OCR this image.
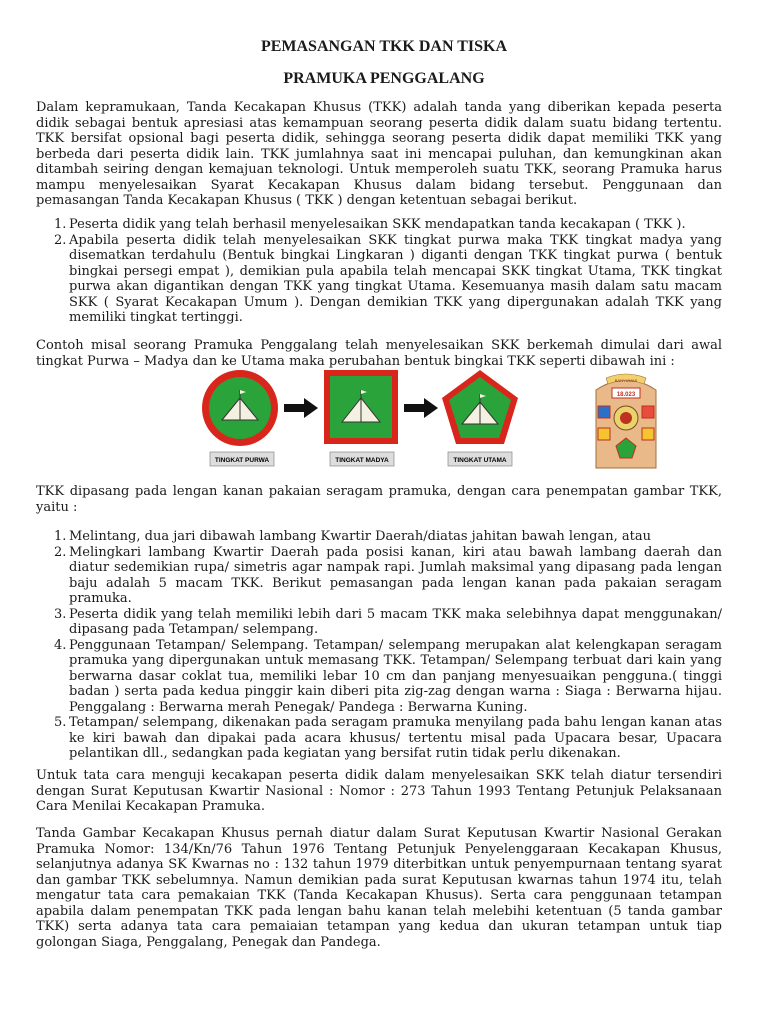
PEMASANGAN TKK DAN TISKA
PRAMUKA PENGGALANG

Dalam kepramukaan, Tanda Kecakapan Khusus (TKK) adalah tanda yang diberikan kepada peserta didik sebagai bentuk apresiasi atas kemampuan seorang peserta didik dalam suatu bidang tertentu. TKK bersifat opsional bagi peserta didik, sehingga seorang peserta didik dapat memiliki TKK yang berbeda dari peserta didik lain. TKK jumlahnya saat ini mencapai puluhan, dan kemungkinan akan ditambah seiring dengan kemajuan teknologi. Untuk memperoleh suatu TKK, seorang Pramuka harus mampu menyelesaikan Syarat Kecakapan Khusus dalam bidang tersebut. Penggunaan dan pemasangan Tanda Kecakapan Khusus ( TKK ) dengan ketentuan sebagai berikut.

1. Peserta didik yang telah berhasil menyelesaikan SKK mendapatkan tanda kecakapan ( TKK ).
2. Apabila peserta didik telah menyelesaikan SKK tingkat purwa maka TKK tingkat madya yang disematkan terdahulu (Bentuk bingkai Lingkaran ) diganti dengan TKK tingkat purwa ( bentuk bingkai persegi empat ), demikian pula apabila telah mencapai SKK tingkat Utama, TKK tingkat purwa akan digantikan dengan TKK yang tingkat Utama. Kesemuanya masih dalam satu macam SKK ( Syarat Kecakapan Umum ). Dengan demikian TKK yang dipergunakan adalah TKK yang memiliki tingkat tertinggi.

Contoh misal seorang Pramuka Penggalang telah menyelesaikan SKK berkemah dimulai dari awal tingkat Purwa – Madya dan ke Utama maka perubahan bentuk bingkai TKK seperti dibawah ini :

TINGKAT PURWA	TINGKAT MADYA	TINGKAT UTAMA
BANYUMAS
18.023

TKK dipasang pada lengan kanan pakaian seragam pramuka, dengan cara penempatan gambar TKK, yaitu :

1. Melintang, dua jari dibawah lambang Kwartir Daerah/diatas jahitan bawah lengan, atau
2. Melingkari lambang Kwartir Daerah pada posisi kanan, kiri atau bawah lambang daerah dan diatur sedemikian rupa/ simetris agar nampak rapi. Jumlah maksimal yang dipasang pada lengan baju adalah 5 macam TKK. Berikut pemasangan pada lengan kanan pada pakaian seragam pramuka.
3. Peserta didik yang telah memiliki lebih dari 5 macam TKK maka selebihnya dapat menggunakan/ dipasang pada Tetampan/ selempang.
4. Penggunaan Tetampan/ Selempang. Tetampan/ selempang merupakan alat kelengkapan seragam pramuka yang dipergunakan untuk memasang TKK. Tetampan/ Selempang terbuat dari kain yang berwarna dasar coklat tua, memiliki lebar 10 cm dan panjang menyesuaikan pengguna.( tinggi badan ) serta pada kedua pinggir kain diberi pita zig-zag dengan warna : Siaga : Berwarna hijau. Penggalang : Berwarna merah Penegak/ Pandega : Berwarna Kuning.
5. Tetampan/ selempang, dikenakan pada seragam pramuka menyilang pada bahu lengan kanan atas ke kiri bawah dan dipakai pada acara khusus/ tertentu misal pada Upacara besar, Upacara pelantikan dll., sedangkan pada kegiatan yang bersifat rutin tidak perlu dikenakan.

Untuk tata cara menguji kecakapan peserta didik dalam menyelesaikan SKK telah diatur tersendiri dengan Surat Keputusan Kwartir Nasional : Nomor : 273 Tahun 1993 Tentang Petunjuk Pelaksanaan Cara Menilai Kecakapan Pramuka.

Tanda Gambar Kecakapan Khusus pernah diatur dalam Surat Keputusan Kwartir Nasional Gerakan Pramuka Nomor: 134/Kn/76 Tahun 1976 Tentang Petunjuk Penyelenggaraan Kecakapan Khusus, selanjutnya adanya SK Kwarnas no : 132 tahun 1979 diterbitkan untuk penyempurnaan tentang syarat dan gambar TKK sebelumnya. Namun demikian pada surat Keputusan kwarnas tahun 1974 itu, telah mengatur tata cara pemakaian TKK (Tanda Kecakapan Khusus). Serta cara penggunaan tetampan apabila dalam penempatan TKK pada lengan bahu kanan telah melebihi ketentuan (5 tanda gambar TKK) serta adanya tata cara pemaiaian tetampan yang kedua dan ukuran tetampan untuk tiap golongan Siaga, Penggalang, Penegak dan Pandega.
